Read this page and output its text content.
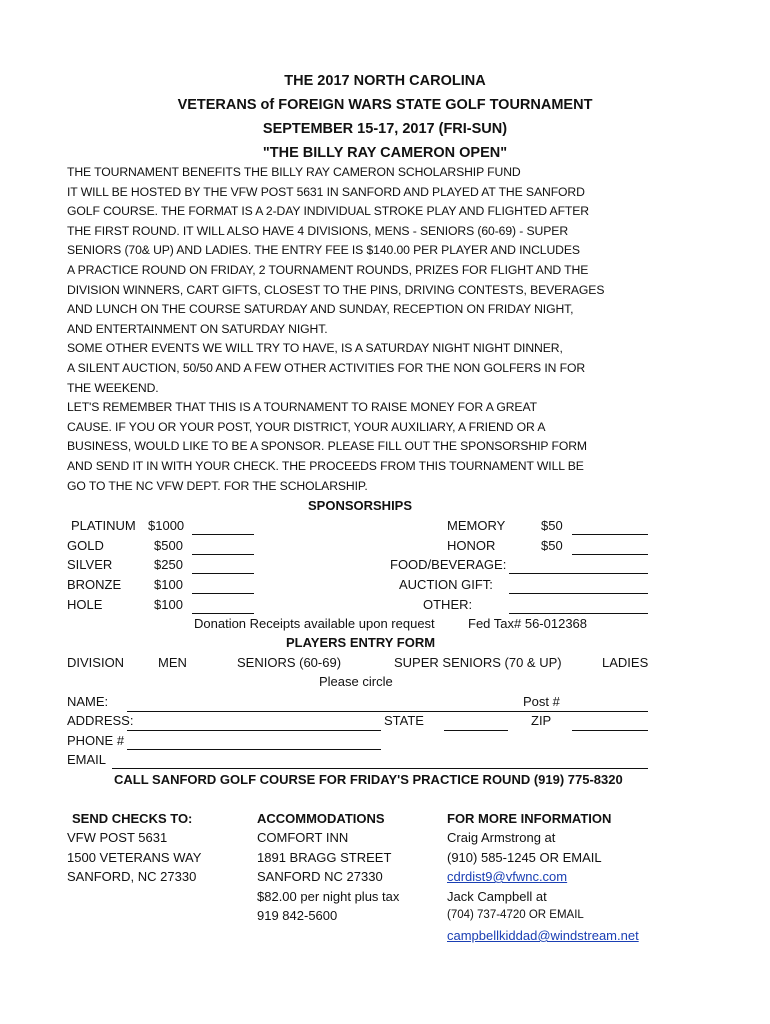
THE 2017 NORTH CAROLINA
VETERANS of FOREIGN WARS STATE GOLF TOURNAMENT
SEPTEMBER 15-17, 2017 (FRI-SUN)
"THE BILLY RAY CAMERON OPEN"
THE TOURNAMENT BENEFITS THE BILLY RAY CAMERON SCHOLARSHIP FUND
IT WILL BE HOSTED BY THE VFW POST 5631 IN SANFORD AND PLAYED AT THE SANFORD
GOLF COURSE. THE FORMAT IS A 2-DAY INDIVIDUAL STROKE PLAY AND FLIGHTED AFTER
THE FIRST ROUND. IT WILL ALSO HAVE 4 DIVISIONS, MENS - SENIORS (60-69) - SUPER
SENIORS (70& UP) AND LADIES. THE ENTRY FEE IS $140.00 PER PLAYER AND INCLUDES
A PRACTICE ROUND ON FRIDAY, 2 TOURNAMENT ROUNDS, PRIZES FOR FLIGHT AND THE
DIVISION WINNERS, CART GIFTS, CLOSEST TO THE PINS, DRIVING CONTESTS, BEVERAGES
AND LUNCH ON THE COURSE SATURDAY AND SUNDAY, RECEPTION ON FRIDAY NIGHT,
AND ENTERTAINMENT ON SATURDAY NIGHT.
SOME OTHER EVENTS WE WILL TRY TO HAVE, IS A SATURDAY NIGHT NIGHT DINNER,
A SILENT AUCTION, 50/50 AND A FEW OTHER ACTIVITIES FOR THE NON GOLFERS IN FOR
THE WEEKEND.
LET'S REMEMBER THAT THIS IS A TOURNAMENT TO RAISE MONEY FOR A GREAT
CAUSE. IF YOU OR YOUR POST, YOUR DISTRICT, YOUR AUXILIARY, A FRIEND OR A
BUSINESS, WOULD LIKE TO BE A SPONSOR. PLEASE FILL OUT THE SPONSORSHIP FORM
AND SEND IT IN WITH YOUR CHECK. THE PROCEEDS FROM THIS TOURNAMENT WILL BE
GO TO THE NC VFW DEPT. FOR THE SCHOLARSHIP.
SPONSORSHIPS
PLATINUM $1000
GOLD	$500
SILVER	$250
BRONZE	$100
HOLE	$100
MEMORY	$50
HONOR	$50
FOOD/BEVERAGE:
AUCTION GIFT:
OTHER:
Donation Receipts available upon request	Fed Tax# 56-012368
PLAYERS ENTRY FORM
DIVISION	MEN	SENIORS (60-69)	SUPER SENIORS (70 & UP)	LADIES
Please circle
NAME:	Post #
ADDRESS:	STATE	ZIP
PHONE #
EMAIL
CALL SANFORD GOLF COURSE FOR FRIDAY'S PRACTICE ROUND (919) 775-8320
SEND CHECKS TO:
VFW POST 5631
1500 VETERANS WAY
SANFORD, NC 27330
ACCOMMODATIONS
COMFORT INN
1891 BRAGG STREET
SANFORD NC 27330
$82.00 per night plus tax
919 842-5600
FOR MORE INFORMATION
Craig Armstrong at
(910) 585-1245 OR EMAIL
cdrdist9@vfwnc.com
Jack Campbell at
(704) 737-4720 OR EMAIL
campbellkiddad@windstream.net
